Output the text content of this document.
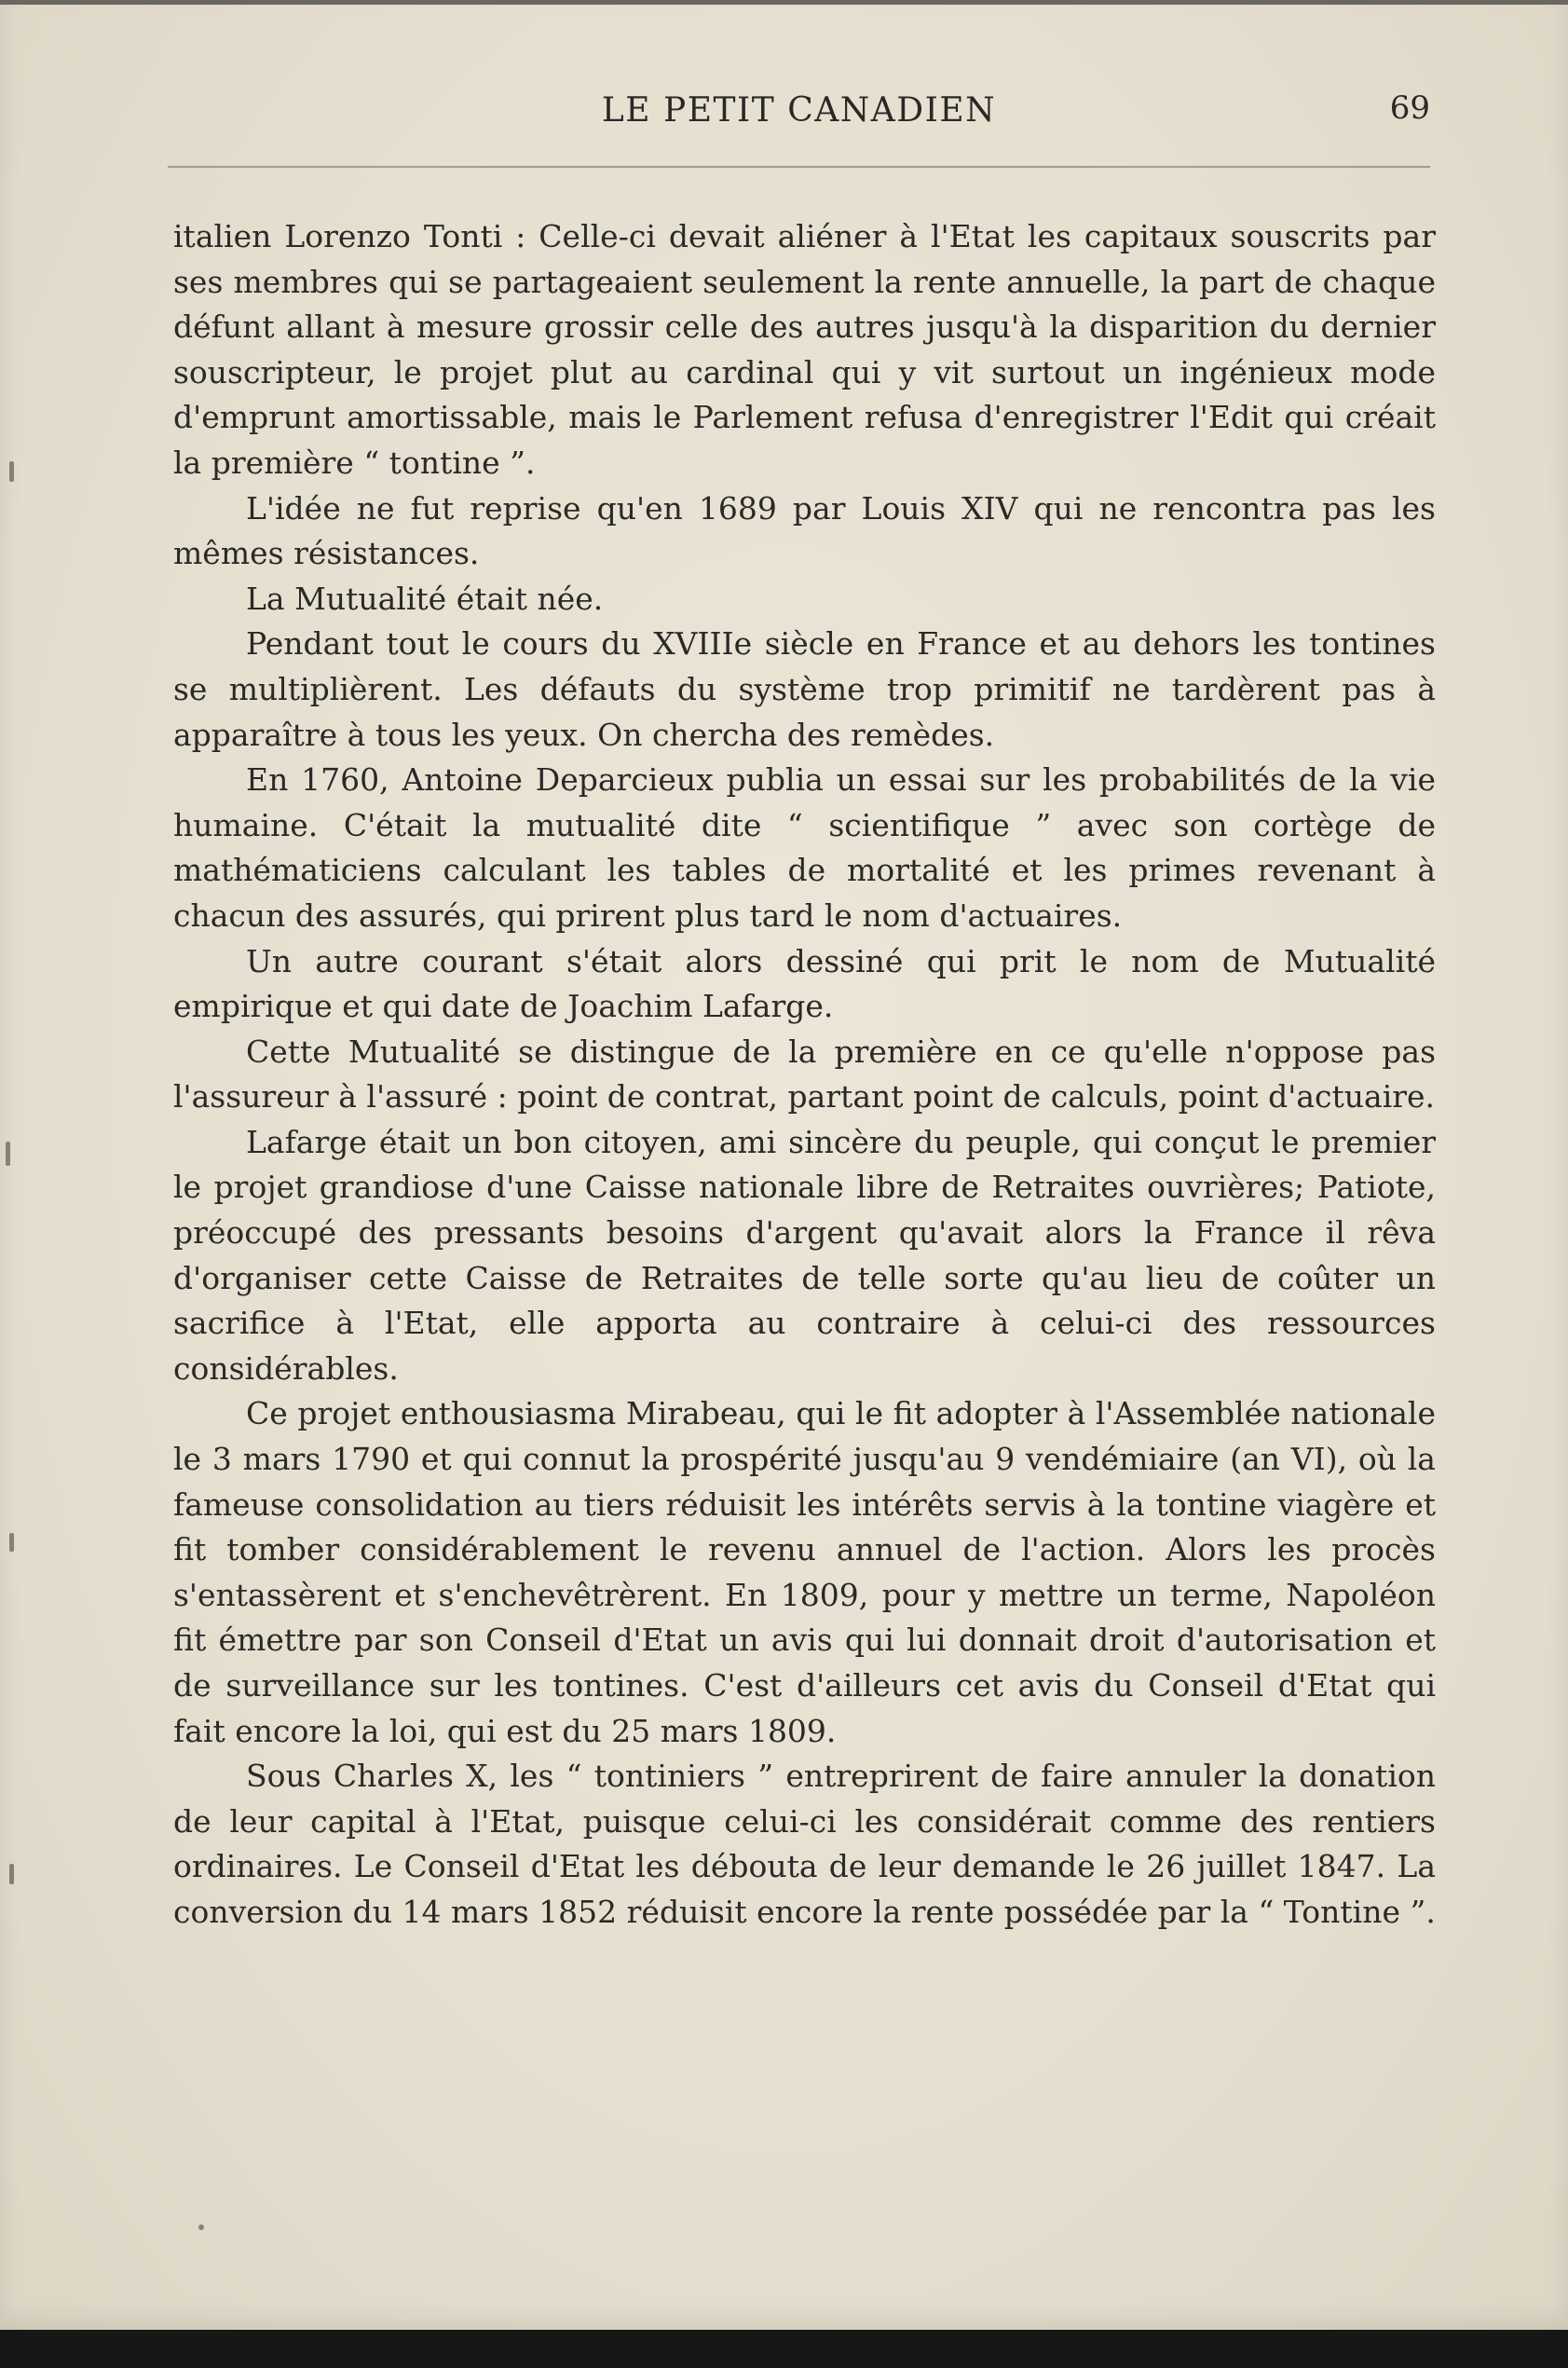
LE PETIT CANADIEN	69

italien Lorenzo Tonti : Celle-ci devait aliéner à l'Etat les capitaux souscrits par ses membres qui se partageaient seulement la rente annuelle, la part de chaque défunt allant à mesure grossir celle des autres jusqu'à la disparition du dernier souscripteur, le projet plut au cardinal qui y vit surtout un ingénieux mode d'emprunt amortissable, mais le Parlement refusa d'enregistrer l'Edit qui créait la première “ tontine ”.

L'idée ne fut reprise qu'en 1689 par Louis XIV qui ne rencontra pas les mêmes résistances.

La Mutualité était née.

Pendant tout le cours du XVIIIe siècle en France et au dehors les tontines se multiplièrent. Les défauts du système trop primitif ne tardèrent pas à apparaître à tous les yeux. On chercha des remèdes.

En 1760, Antoine Deparcieux publia un essai sur les probabilités de la vie humaine. C'était la mutualité dite “ scientifique ” avec son cortège de mathématiciens calculant les tables de mortalité et les primes revenant à chacun des assurés, qui prirent plus tard le nom d'actuaires.

Un autre courant s'était alors dessiné qui prit le nom de Mutualité empirique et qui date de Joachim Lafarge.

Cette Mutualité se distingue de la première en ce qu'elle n'oppose pas l'assureur à l'assuré : point de contrat, partant point de calculs, point d'actuaire.

Lafarge était un bon citoyen, ami sincère du peuple, qui conçut le premier le projet grandiose d'une Caisse nationale libre de Retraites ouvrières; Patiote, préoccupé des pressants besoins d'argent qu'avait alors la France il rêva d'organiser cette Caisse de Retraites de telle sorte qu'au lieu de coûter un sacrifice à l'Etat, elle apporta au contraire à celui-ci des ressources considérables.

Ce projet enthousiasma Mirabeau, qui le fit adopter à l'Assemblée nationale le 3 mars 1790 et qui connut la prospérité jusqu'au 9 vendémiaire (an VI), où la fameuse consolidation au tiers réduisit les intérêts servis à la tontine viagère et fit tomber considérablement le revenu annuel de l'action. Alors les procès s'entassèrent et s'enchevêtrèrent. En 1809, pour y mettre un terme, Napoléon fit émettre par son Conseil d'Etat un avis qui lui donnait droit d'autorisation et de surveillance sur les tontines. C'est d'ailleurs cet avis du Conseil d'Etat qui fait encore la loi, qui est du 25 mars 1809.

Sous Charles X, les “ tontiniers ” entreprirent de faire annuler la donation de leur capital à l'Etat, puisque celui-ci les considérait comme des rentiers ordinaires. Le Conseil d'Etat les débouta de leur demande le 26 juillet 1847. La conversion du 14 mars 1852 réduisit encore la rente possédée par la “ Tontine ”.
